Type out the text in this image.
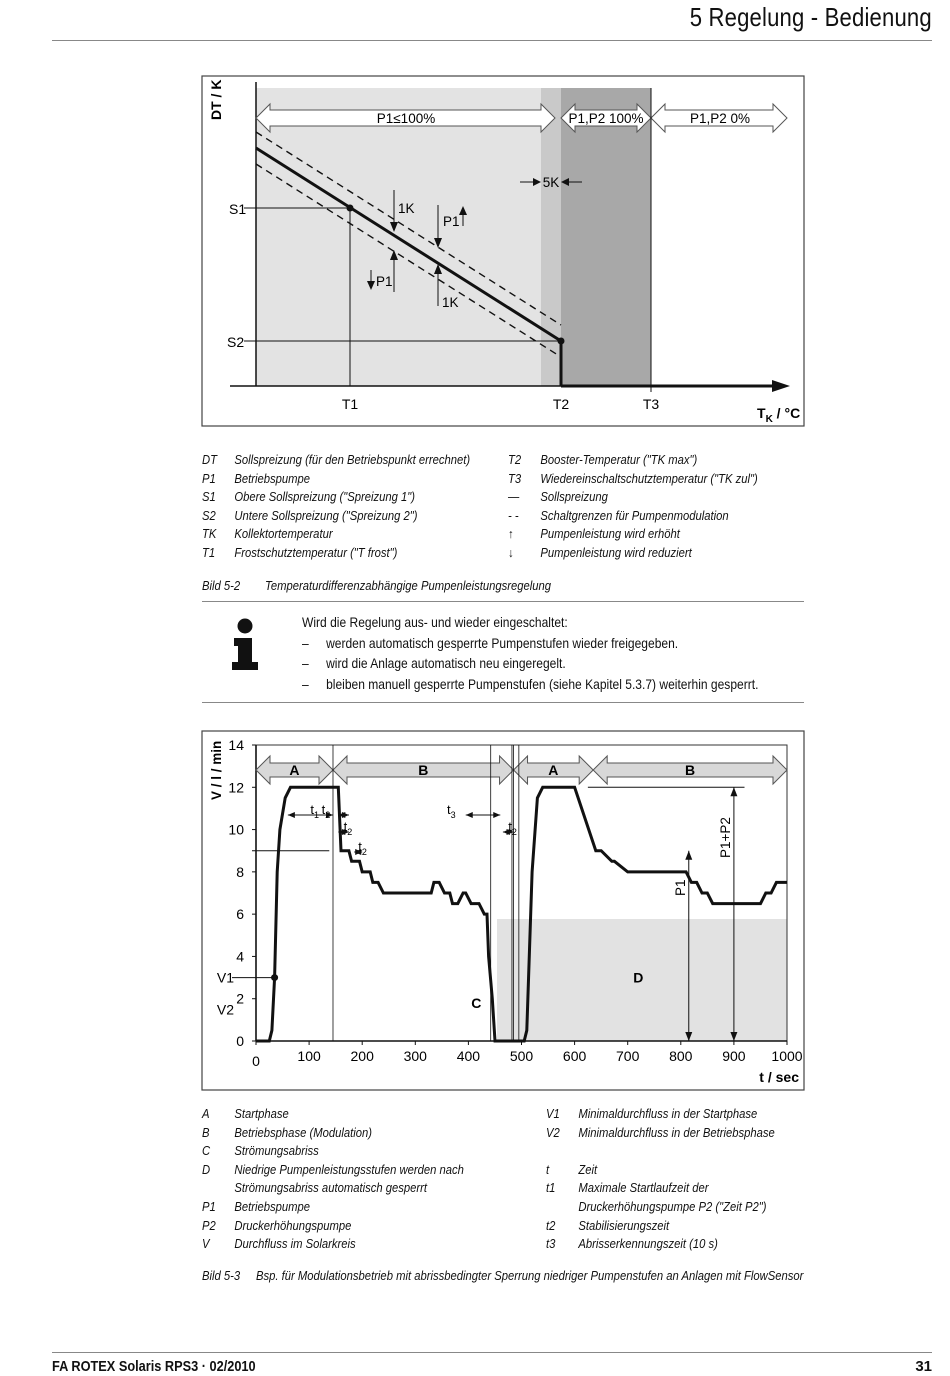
5 Regelung - Bedienung
DT / K	P1≤100%	P1,P2 100%	P1,P2 0%
5K
1K
1K
P1
P1
S1
S2
T1	T2	T3
$T_K / ^\circ C$
DT Sollspreizung (für den Betriebspunkt errechnet)
P1 Betriebspumpe
S1 Obere Sollspreizung ("Spreizung 1")
S2 Untere Sollspreizung ("Spreizung 2")
TK Kollektortemperatur
T1 Frostschutztemperatur ("T frost")
T2 Booster-Temperatur ("TK max")
T3 Wiedereinschaltschutztemperatur ("TK zul")
— Sollspreizung
- - Schaltgrenzen für Pumpenmodulation
↑ Pumpenleistung wird erhöht
↓ Pumpenleistung wird reduziert
Bild 5-2 Temperaturdifferenzabhängige Pumpenleistungsregelung
Wird die Regelung aus- und wieder eingeschaltet:
– werden automatisch gesperrte Pumpenstufen wieder freigegeben.
– wird die Anlage automatisch neu eingeregelt.
– bleiben manuell gesperrte Pumpenstufen (siehe Kapitel 5.3.7) weiterhin gesperrt.
A	B	A	B
$t_1$ $t_2$
$t_2$
$t_2$
$t_3$
$t_2$
C
D
P1
P1+P2
0
2
4
6
8
10
12
14
0	100 200 300 400 500 600 700 800 900 1000
V1
V2
V / l / min
t / sec
A Startphase
B Betriebsphase (Modulation)
C Strömungsabriss
D Niedrige Pumpenleistungsstufen werden nach
Strömungsabriss automatisch gesperrt
P1 Betriebspumpe
P2 Druckerhöhungspumpe
V Durchfluss im Solarkreis
V1 Minimaldurchfluss in der Startphase
V2 Minimaldurchfluss in der Betriebsphase
t Zeit
t1 Maximale Startlaufzeit der
Druckerhöhungspumpe P2 ("Zeit P2")
t2 Stabilisierungszeit
t3 Abrisserkennungszeit (10 s)
Bild 5-3 Bsp. für Modulationsbetrieb mit abrissbedingter Sperrung niedriger Pumpenstufen an Anlagen mit FlowSensor
FA ROTEX Solaris RPS3 · 02/2010	31
